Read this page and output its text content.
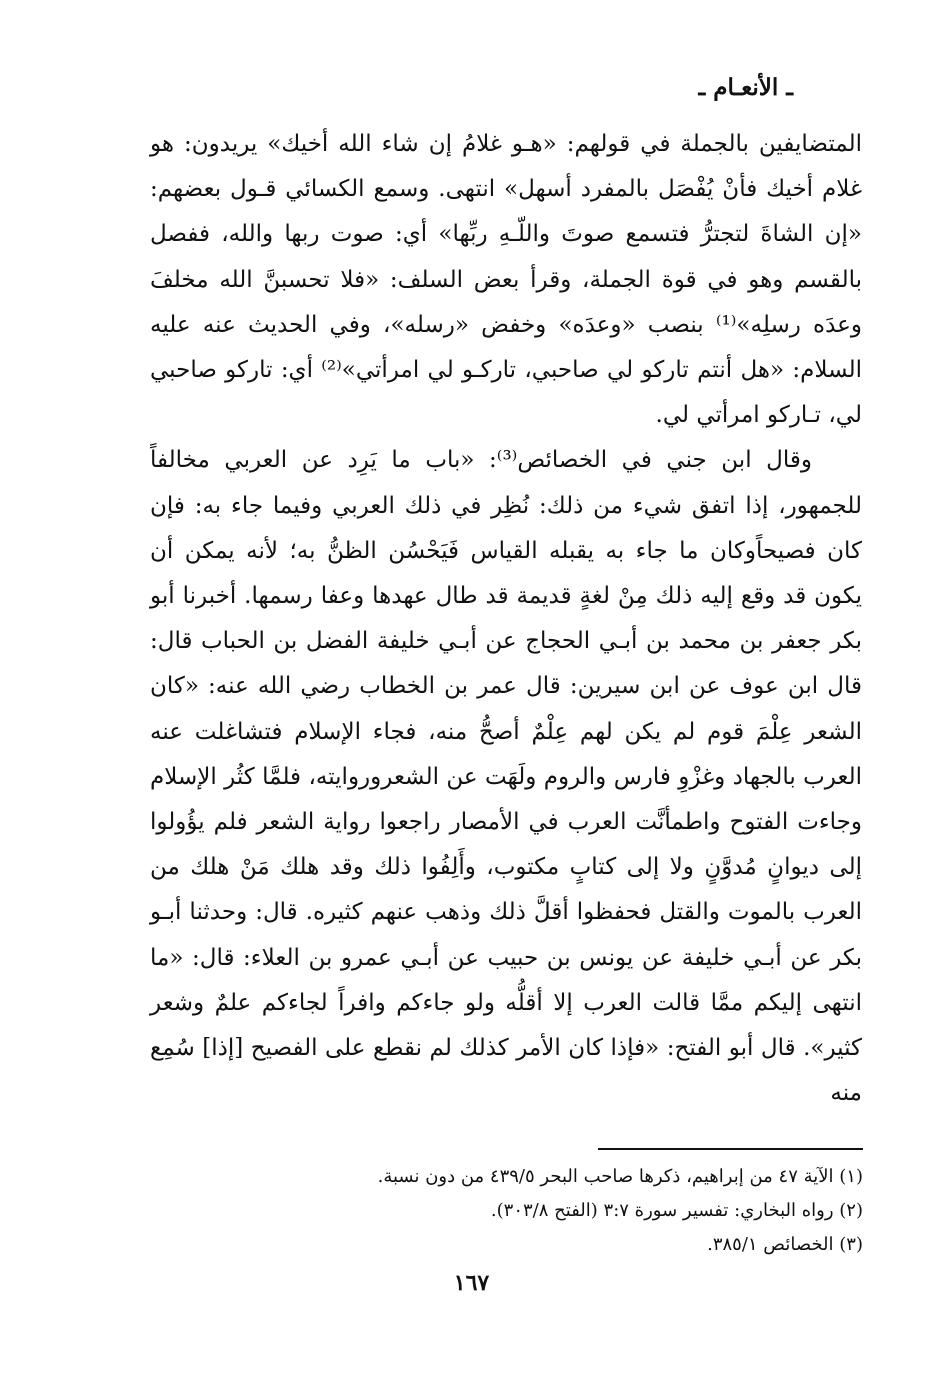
ـ الأنعـام ـ

المتضايفين بالجملة في قولهم: «هـو غلامُ إن شاء الله أخيك» يريدون: هو غلام أخيك فأنْ يُفْصَل بالمفرد أسهل» انتهى. وسمع الكسائي قـول بعضهم: «إن الشاةَ لتجترُّ فتسمع صوتَ واللّـهِ ربِّها» أي: صوت ربها والله، ففصل بالقسم وهو في قوة الجملة، وقرأ بعض السلف: «فلا تحسبنَّ الله مخلفَ وعدَه رسلِه»⁽¹⁾ بنصب «وعدَه» وخفض «رسله»، وفي الحديث عنه عليه السلام: «هل أنتم تاركو لي صاحبي، تاركـو لي امرأتي»⁽²⁾ أي: تاركو صاحبي لي، تـاركو امرأتي لي.

وقال ابن جني في الخصائص⁽³⁾: «باب ما يَرِد عن العربي مخالفاً للجمهور، إذا اتفق شيء من ذلك: نُظِر في ذلك العربي وفيما جاء به: فإن كان فصيحاًوكان ما جاء به يقبله القياس فَيَحْسُن الظنُّ به؛ لأنه يمكن أن يكون قد وقع إليه ذلك مِنْ لغةٍ قديمة قد طال عهدها وعفا رسمها. أخبرنا أبو بكر جعفر بن محمد بن أبـي الحجاج عن أبـي خليفة الفضل بن الحباب قال: قال ابن عوف عن ابن سيرين: قال عمر بن الخطاب رضي الله عنه: «كان الشعر عِلْمَ قوم لم يكن لهم عِلْمٌ أصحُّ منه، فجاء الإسلام فتشاغلت عنه العرب بالجهاد وغزْوِ فارس والروم ولَهَت عن الشعروروايته، فلمَّا كثُر الإسلام وجاءت الفتوح واطمأنَّت العرب في الأمصار راجعوا رواية الشعر فلم يؤُولوا إلى ديوانٍ مُدوَّنٍ ولا إلى كتابٍ مكتوب، وأَلِفُوا ذلك وقد هلك مَنْ هلك من العرب بالموت والقتل فحفظوا أقلَّ ذلك وذهب عنهم كثيره. قال: وحدثنا أبـو بكر عن أبـي خليفة عن يونس بن حبيب عن أبـي عمرو بن العلاء: قال: «ما انتهى إليكم ممَّا قالت العرب إلا أقلُّه ولو جاءكم وافراً لجاءكم علمٌ وشعر كثير». قال أبو الفتح: «فإذا كان الأمر كذلك لم نقطع على الفصيح [إذا] سُمِع منه

(١) الآية ٤٧ من إبراهيم، ذكرها صاحب البحر ٤٣٩/٥ من دون نسبة.
(٢) رواه البخاري: تفسير سورة ٣:٧ (الفتح ٣٠٣/٨).
(٣) الخصائص ٣٨٥/١.
١٦٧
